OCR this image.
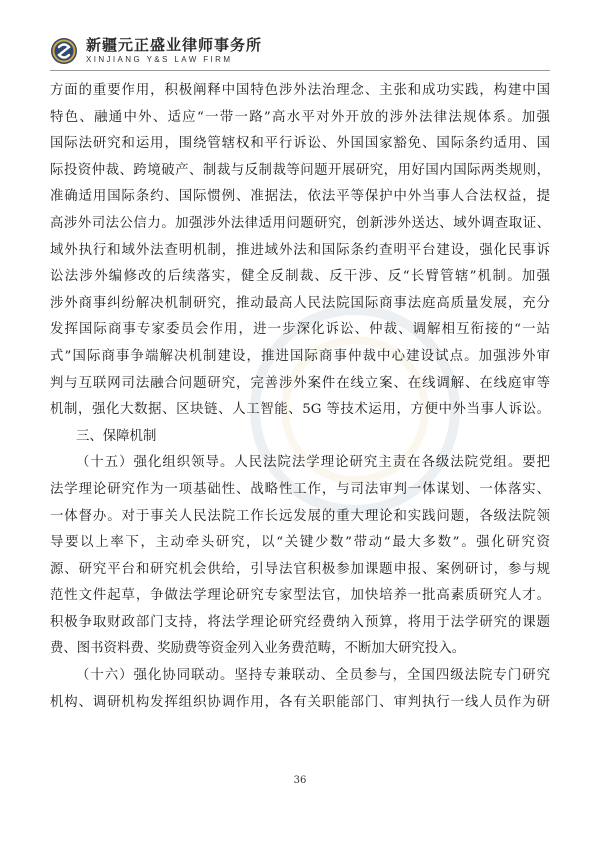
新疆元正盛业律师事务所
XINJIANG Y&S LAW FIRM
方面的重要作用，积极阐释中国特色涉外法治理念、主张和成功实践，构建中国
特色、融通中外、适应“一带一路”高水平对外开放的涉外法律法规体系。加强
国际法研究和运用，围绕管辖权和平行诉讼、外国国家豁免、国际条约适用、国
际投资仲裁、跨境破产、制裁与反制裁等问题开展研究，用好国内国际两类规则，
准确适用国际条约、国际惯例、准据法，依法平等保护中外当事人合法权益，提
高涉外司法公信力。加强涉外法律适用问题研究，创新涉外送达、域外调查取证、
域外执行和域外法查明机制，推进域外法和国际条约查明平台建设，强化民事诉
讼法涉外编修改的后续落实，健全反制裁、反干涉、反“长臂管辖”机制。加强
涉外商事纠纷解决机制研究，推动最高人民法院国际商事法庭高质量发展，充分
发挥国际商事专家委员会作用，进一步深化诉讼、仲裁、调解相互衔接的“一站
式”国际商事争端解决机制建设，推进国际商事仲裁中心建设试点。加强涉外审
判与互联网司法融合问题研究，完善涉外案件在线立案、在线调解、在线庭审等
机制，强化大数据、区块链、人工智能、5G 等技术运用，方便中外当事人诉讼。
三、保障机制
（十五）强化组织领导。人民法院法学理论研究主责在各级法院党组。要把
法学理论研究作为一项基础性、战略性工作，与司法审判一体谋划、一体落实、
一体督办。对于事关人民法院工作长远发展的重大理论和实践问题，各级法院领
导要以上率下，主动牵头研究，以“关键少数”带动“最大多数”。强化研究资
源、研究平台和研究机会供给，引导法官积极参加课题申报、案例研讨，参与规
范性文件起草，争做法学理论研究专家型法官，加快培养一批高素质研究人才。
积极争取财政部门支持，将法学理论研究经费纳入预算，将用于法学研究的课题
费、图书资料费、奖励费等资金列入业务费范畴，不断加大研究投入。
（十六）强化协同联动。坚持专兼联动、全员参与，全国四级法院专门研究
机构、调研机构发挥组织协调作用，各有关职能部门、审判执行一线人员作为研
36
